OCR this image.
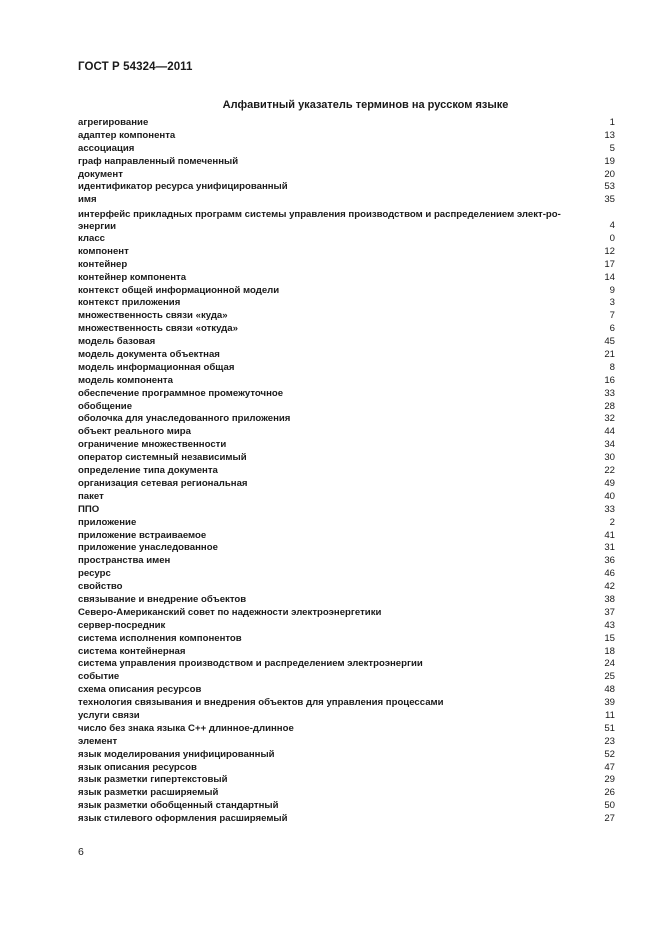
ГОСТ Р 54324—2011
Алфавитный указатель терминов на русском языке
агрегирование	1
адаптер компонента	13
ассоциация	5
граф направленный помеченный	19
документ	20
идентификатор ресурса унифицированный	53
имя	35
интерфейс прикладных программ системы управления производством и распределением элект-ро-энергии	4
класс	0
компонент	12
контейнер	17
контейнер компонента	14
контекст общей информационной модели	9
контекст приложения	3
множественность связи «куда»	7
множественность связи «откуда»	6
модель базовая	45
модель документа объектная	21
модель информационная общая	8
модель компонента	16
обеспечение программное промежуточное	33
обобщение	28
оболочка для унаследованного приложения	32
объект реального мира	44
ограничение множественности	34
оператор системный независимый	30
определение типа документа	22
организация сетевая региональная	49
пакет	40
ППО	33
приложение	2
приложение встраиваемое	41
приложение унаследованное	31
пространства имен	36
ресурс	46
свойство	42
связывание и внедрение объектов	38
Северо-Американский совет по надежности электроэнергетики	37
сервер-посредник	43
система исполнения компонентов	15
система контейнерная	18
система управления производством и распределением электроэнергии	24
событие	25
схема описания ресурсов	48
технология связывания и внедрения объектов для управления процессами	39
услуги связи	11
число без знака языка С++ длинное-длинное	51
элемент	23
язык моделирования унифицированный	52
язык описания ресурсов	47
язык разметки гипертекстовый	29
язык разметки расширяемый	26
язык разметки обобщенный стандартный	50
язык стилевого оформления расширяемый	27
6
